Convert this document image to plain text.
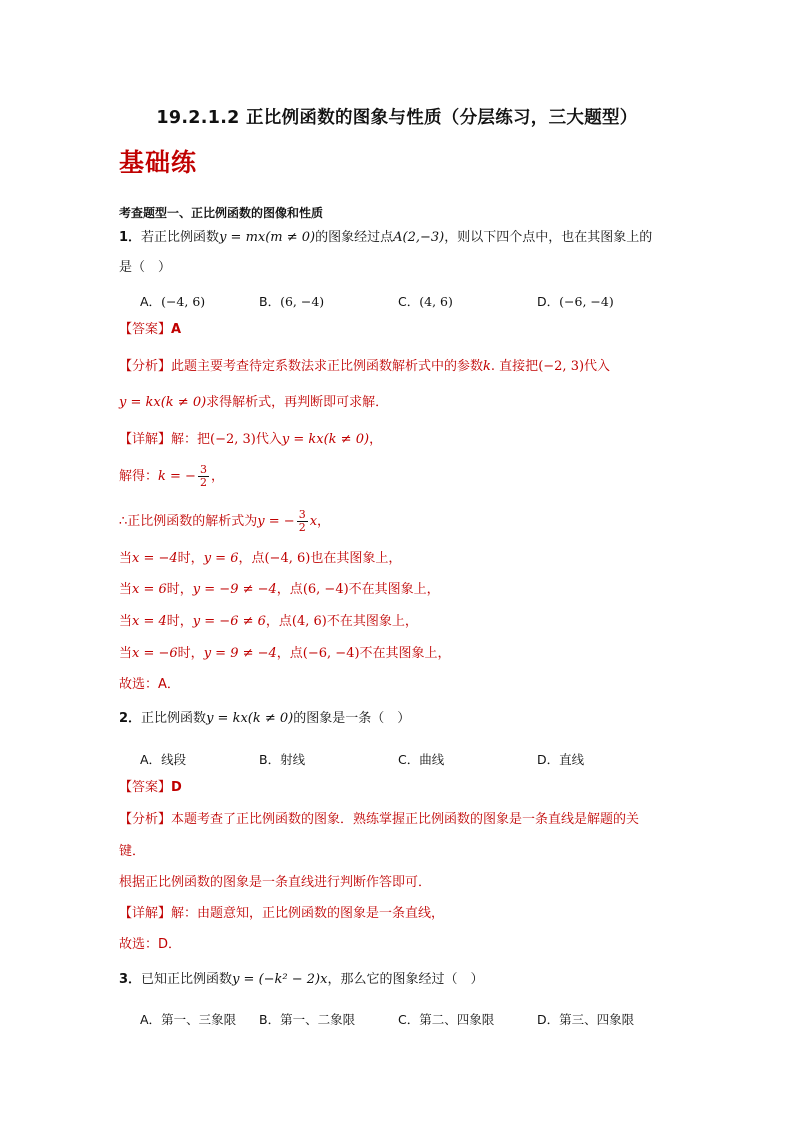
19.2.1.2 正比例函数的图象与性质（分层练习，三大题型）
基础练
考查题型一、正比例函数的图像和性质
1．若正比例函数y = mx(m ≠ 0)的图象经过点A(2,−3)，则以下四个点中，也在其图象上的
是（　）
A．(−4, 6)	B．(6, −4)	C．(4, 6)	D．(−6, −4)
【答案】A
【分析】此题主要考查待定系数法求正比例函数解析式中的参数k. 直接把(−2, 3)代入
y = kx(k ≠ 0)求得解析式，再判断即可求解．
【详解】解：把(−2, 3)代入y = kx(k ≠ 0)，
解得：k = − $\frac{3}{2}$ ，
∴正比例函数的解析式为y = − $\frac{3}{2}$ x，
当x = −4时，y = 6，点(−4, 6)也在其图象上，
当x = 6时，y = −9 ≠ −4，点(6, −4)不在其图象上，
当x = 4时，y = −6 ≠ 6，点(4, 6)不在其图象上，
当x = −6时，y = 9 ≠ −4，点(−6, −4)不在其图象上，
故选：A．
2．正比例函数y = kx(k ≠ 0)的图象是一条（　）
A．线段	B．射线	C．曲线	D．直线
【答案】D
【分析】本题考查了正比例函数的图象．熟练掌握正比例函数的图象是一条直线是解题的关
键．
根据正比例函数的图象是一条直线进行判断作答即可．
【详解】解：由题意知，正比例函数的图象是一条直线，
故选：D．
3．已知正比例函数y = (−k² − 2)x，那么它的图象经过（　）
A．第一、三象限 B．第一、二象限	C．第二、四象限	D．第三、四象限
